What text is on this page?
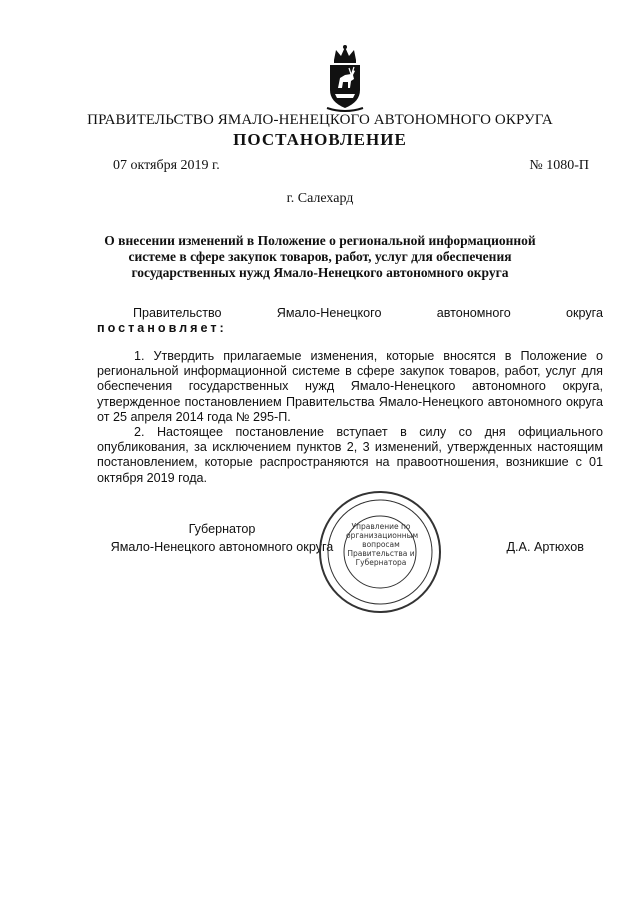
ПРАВИТЕЛЬСТВО ЯМАЛО-НЕНЕЦКОГО АВТОНОМНОГО ОКРУГА
ПОСТАНОВЛЕНИЕ
07 октября 2019 г.	№ 1080-П
г. Салехард
О внесении изменений в Положение о региональной информационной системе в сфере закупок товаров, работ, услуг для обеспечения государственных нужд Ямало-Ненецкого автономного округа
Правительство	Ямало-Ненецкого	автономного	округа
постановляет:

1. Утвердить прилагаемые изменения, которые вносятся в Положение о региональной информационной системе в сфере закупок товаров, работ, услуг для обеспечения государственных нужд Ямало-Ненецкого автономного округа, утвержденное постановлением Правительства Ямало-Ненецкого автономного округа от 25 апреля 2014 года № 295-П.

2. Настоящее постановление вступает в силу со дня официального опубликования, за исключением пунктов 2, 3 изменений, утвержденных настоящим постановлением, которые распространяются на правоотношения, возникшие с 01 октября 2019 года.

Губернатор
Ямало-Ненецкого автономного округа	Д.А. Артюхов
Управление по организационным вопросам Правительства и Губернатора
